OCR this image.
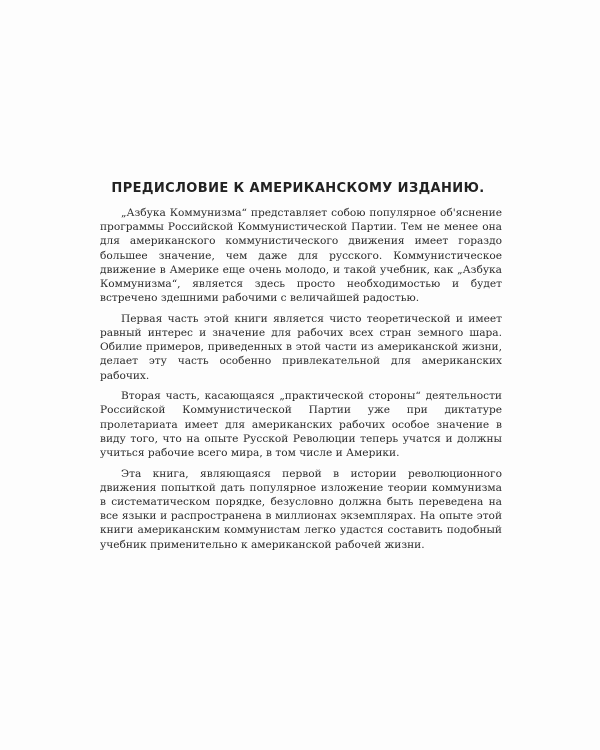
ПРЕДИСЛОВИЕ К АМЕРИКАНСКОМУ ИЗДАНИЮ.

„Азбука Коммунизма“ представляет собою популярное об'яснение программы Российской Коммунистической Партии. Тем не менее она для американского коммунистического движения имеет гораздо большее значение, чем даже для русского. Коммунистическое движение в Америке еще очень молодо, и такой учебник, как „Азбука Коммунизма“, является здесь просто необходимостью и будет встречено здешними рабочими с величайшей радостью.

Первая часть этой книги является чисто теоретической и имеет равный интерес и значение для рабочих всех стран земного шара. Обилие примеров, приведенных в этой части из американской жизни, делает эту часть особенно привлекательной для американских рабочих.

Вторая часть, касающаяся „практической стороны“ деятельности Российской Коммунистической Партии уже при диктатуре пролетариата имеет для американских рабочих особое значение в виду того, что на опыте Русской Революции теперь учатся и должны учиться рабочие всего мира, в том числе и Америки.

Эта книга, являющаяся первой в истории революционного движения попыткой дать популярное изложение теории коммунизма в систематическом порядке, безусловно должна быть переведена на все языки и распространена в миллионах экземплярах. На опыте этой книги американским коммунистам легко удастся составить подобный учебник применительно к американской рабочей жизни.
